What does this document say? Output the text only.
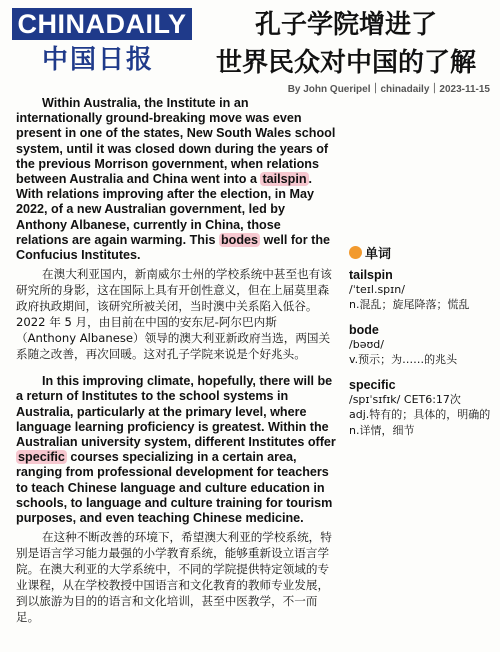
CHINADAILY
中国日报
孔子学院增进了
世界民众对中国的了解
By John Queripel｜chinadaily｜2023-11-15

Within Australia, the Institute in an internationally ground-breaking move was even present in one of the states, New South Wales school system, until it was closed down during the years of the previous Morrison government, when relations between Australia and China went into a tailspin . With relations improving after the election, in May 2022, of a new Australian government, led by Anthony Albanese, currently in China, those relations are again warming. This bodes well for the Confucius Institutes.

在澳大利亚国内，新南威尔士州的学校系统中甚至也有该研究所的身影，这在国际上具有开创性意义，但在上届莫里森政府执政期间，该研究所被关闭，当时澳中关系陷入低谷。2022 年 5 月，由目前在中国的安东尼-阿尔巴内斯（Anthony Albanese）领导的澳大利亚新政府当选，两国关系随之改善，再次回暖。这对孔子学院来说是个好兆头。

In this improving climate, hopefully, there will be a return of Institutes to the school systems in Australia, particularly at the primary level, where language learning proficiency is greatest. Within the Australian university system, different Institutes offer specific courses specializing in a certain area, ranging from professional development for teachers to teach Chinese language and culture education in schools, to language and culture training for tourism purposes, and even teaching Chinese medicine.

在这种不断改善的环境下，希望澳大利亚的学校系统，特别是语言学习能力最强的小学教育系统，能够重新设立语言学院。在澳大利亚的大学系统中，不同的学院提供特定领域的专业课程，从在学校教授中国语言和文化教育的教师专业发展，到以旅游为目的的语言和文化培训，甚至中医教学，不一而足。

单词
tailspin
/ˈteɪl.spɪn/
n.混乱；旋尾降落；慌乱
bode
/bəʊd/
v.预示；为……的兆头
specific
/spɪˈsɪfɪk/ CET6:17次
adj.特有的；具体的，明确的
n.详情，细节
